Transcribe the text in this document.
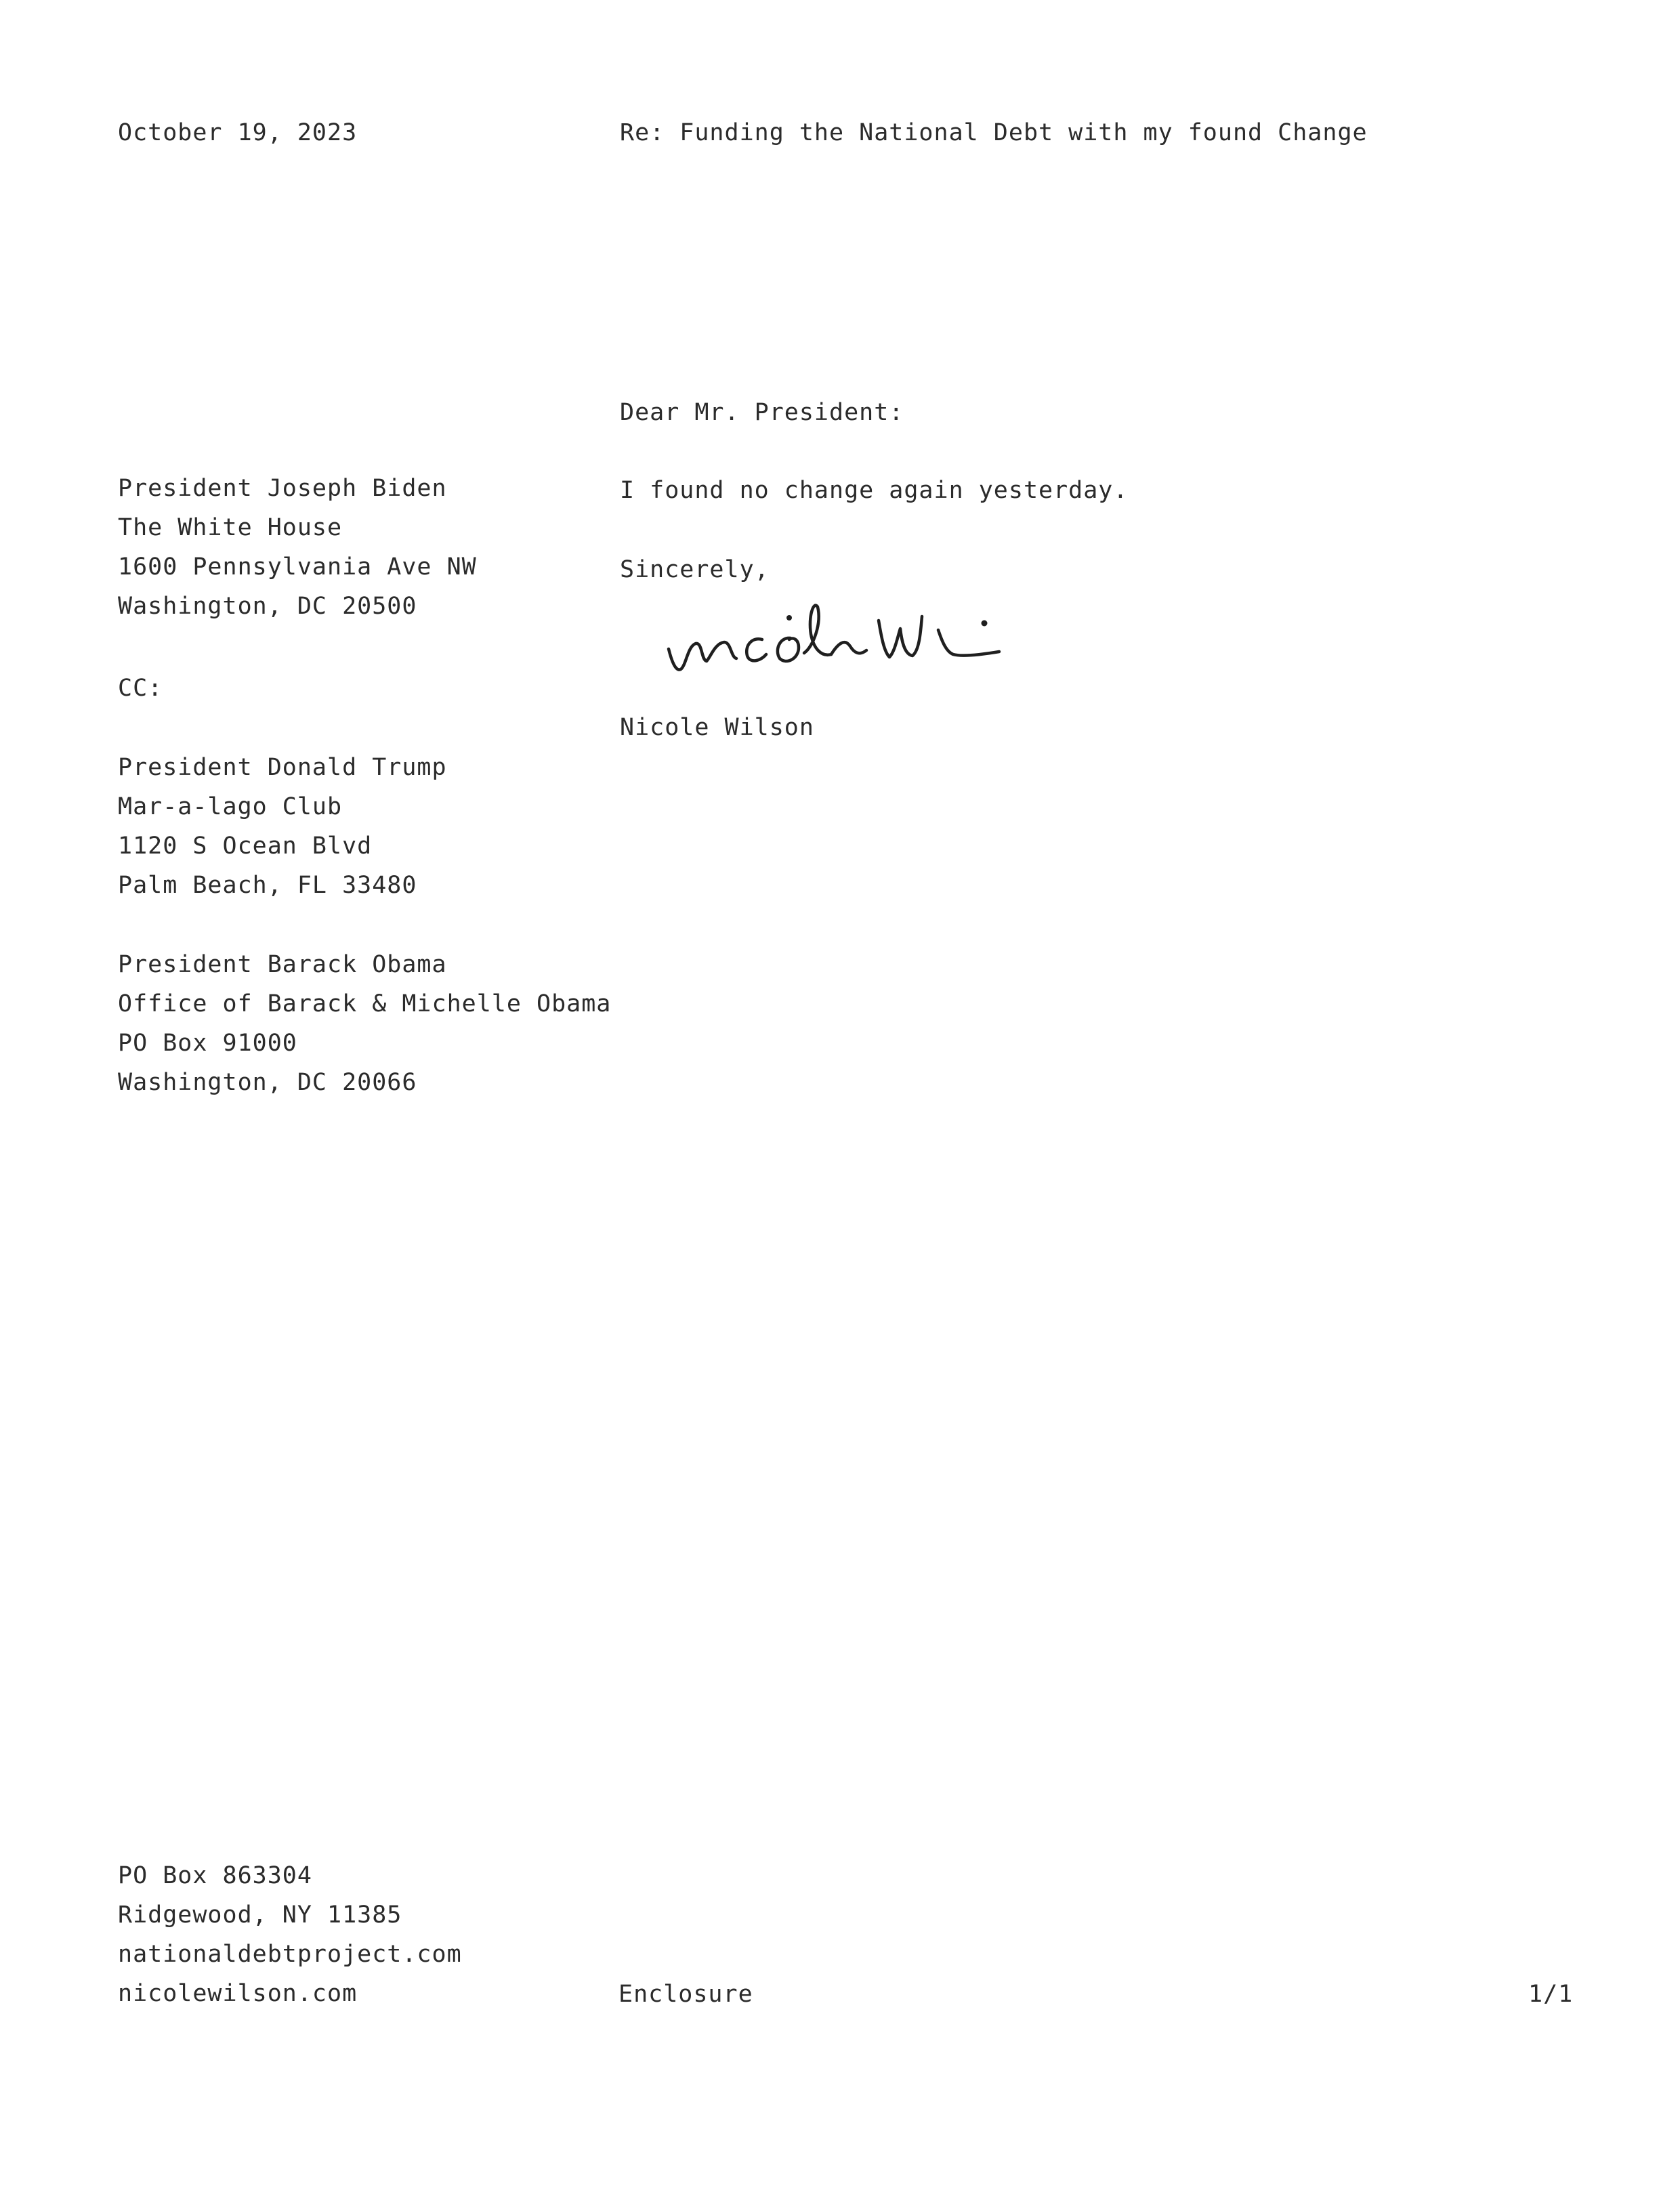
October 19, 2023	Re: Funding the National Debt with my found Change
Dear Mr. President:
I found no change again yesterday.
Sincerely,
Nicole Wilson
President Joseph Biden
The White House
1600 Pennsylvania Ave NW
Washington, DC 20500
CC:
President Donald Trump
Mar-a-lago Club
1120 S Ocean Blvd
Palm Beach, FL 33480
President Barack Obama
Office of Barack & Michelle Obama
PO Box 91000
Washington, DC 20066
PO Box 863304
Ridgewood, NY 11385
nationaldebtproject.com
nicolewilson.com	Enclosure	1/1
